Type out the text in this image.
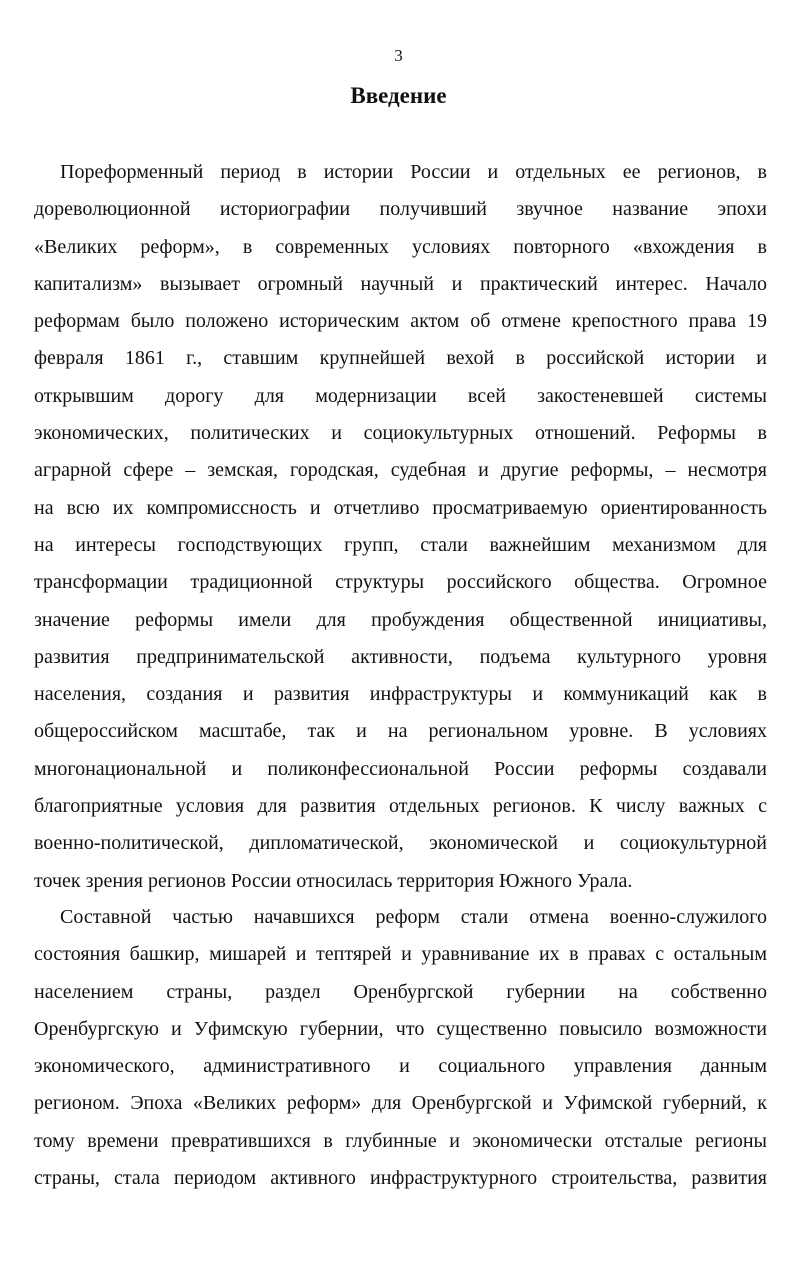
3
Введение
Пореформенный период в истории России и отдельных ее регионов, в
дореволюционной историографии получивший звучное название эпохи
«Великих реформ», в современных условиях повторного «вхождения в
капитализм» вызывает огромный научный и практический интерес. Начало
реформам было положено историческим актом об отмене крепостного права 19
февраля 1861 г., ставшим крупнейшей вехой в российской истории и
открывшим дорогу для модернизации всей закостеневшей системы
экономических, политических и социокультурных отношений. Реформы в
аграрной сфере – земская, городская, судебная и другие реформы, – несмотря
на всю их компромиссность и отчетливо просматриваемую ориентированность
на интересы господствующих групп, стали важнейшим механизмом для
трансформации традиционной структуры российского общества. Огромное
значение реформы имели для пробуждения общественной инициативы,
развития предпринимательской активности, подъема культурного уровня
населения, создания и развития инфраструктуры и коммуникаций как в
общероссийском масштабе, так и на региональном уровне. В условиях
многонациональной и поликонфессиональной России реформы создавали
благоприятные условия для развития отдельных регионов. К числу важных с
военно-политической, дипломатической, экономической и социокультурной
точек зрения регионов России относилась территория Южного Урала.
Составной частью начавшихся реформ стали отмена военно-служилого
состояния башкир, мишарей и тептярей и уравнивание их в правах с остальным
населением страны, раздел Оренбургской губернии на собственно
Оренбургскую и Уфимскую губернии, что существенно повысило возможности
экономического, административного и социального управления данным
регионом. Эпоха «Великих реформ» для Оренбургской и Уфимской губерний, к
тому времени превратившихся в глубинные и экономически отсталые регионы
страны, стала периодом активного инфраструктурного строительства, развития
